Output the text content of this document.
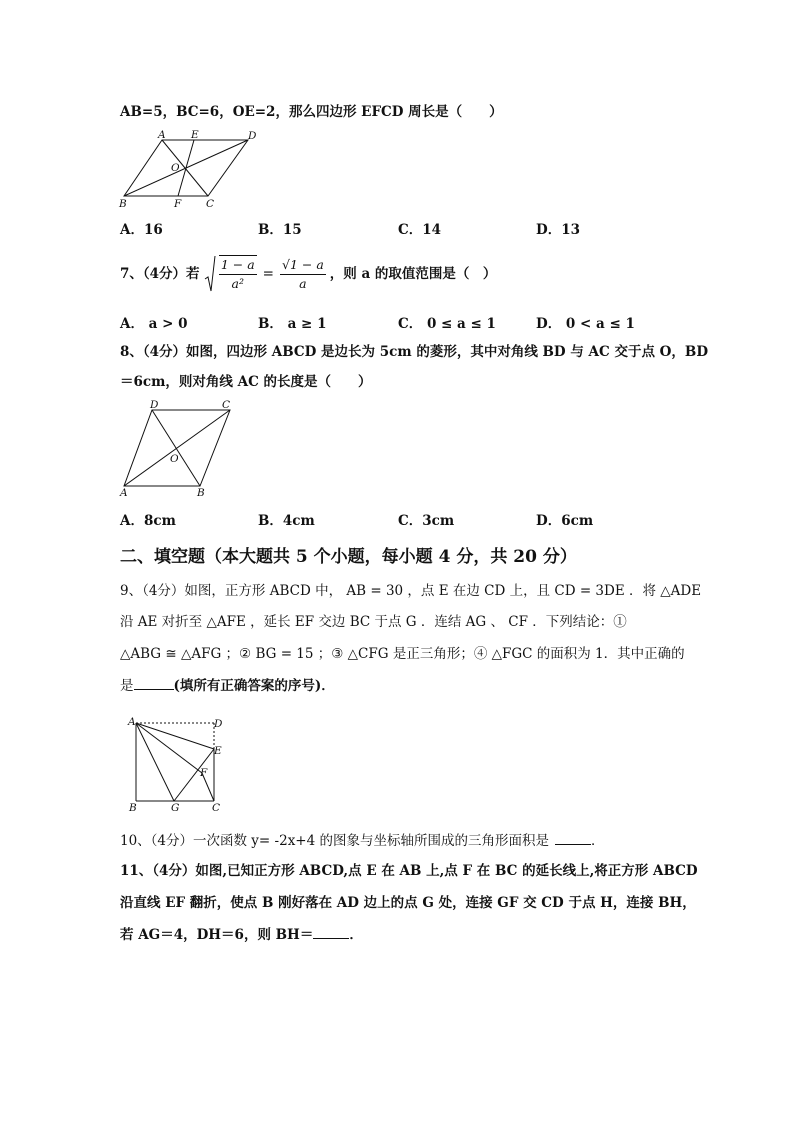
AB=5，BC=6，OE=2，那么四边形 EFCD 周长是（　　）
A E	D
O
B	F C
A．16	B．15	C．14	D．13
7、（4分）若
$\frac{1 - a}{\text{a²}} = \frac{√1 - a}{a}$ ，则 a 的取值范围是（　）
A． a > 0	B． a ≥ 1	C． 0 ≤ a ≤ 1	D． 0 < a ≤ 1
8、（4分）如图，四边形 ABCD 是边长为 5cm 的菱形，其中对角线 BD 与 AC 交于点 O，BD
＝6cm，则对角线 AC 的长度是（　　）
D	C
O
A	B
A．8cm	B．4cm	C．3cm	D．6cm
二、填空题（本大题共 5 个小题，每小题 4 分，共 20 分）
9、（4分）如图，正方形 ABCD 中， AB = 30 ，点 E 在边 CD 上，且 CD = 3DE ．将 △ADE
沿 AE 对折至 △AFE ，延长 EF 交边 BC 于点 G ．连结 AG 、 CF ．下列结论：①
△ABG ≅ △AFG ；② BG = 15 ；③ △CFG 是正三角形；④ △FGC 的面积为 1．其中正确的
是	(填所有正确答案的序号)．
A	D
E
F
B	G	C
10、（4分）一次函数 y= -2x+4 的图象与坐标轴所围成的三角形面积是	．
11、（4分）如图,已知正方形 ABCD,点 E 在 AB 上,点 F 在 BC 的延长线上,将正方形 ABCD
沿直线 EF 翻折，使点 B 刚好落在 AD 边上的点 G 处，连接 GF 交 CD 于点 H，连接 BH，
若 AG＝4，DH＝6，则 BH＝	．
